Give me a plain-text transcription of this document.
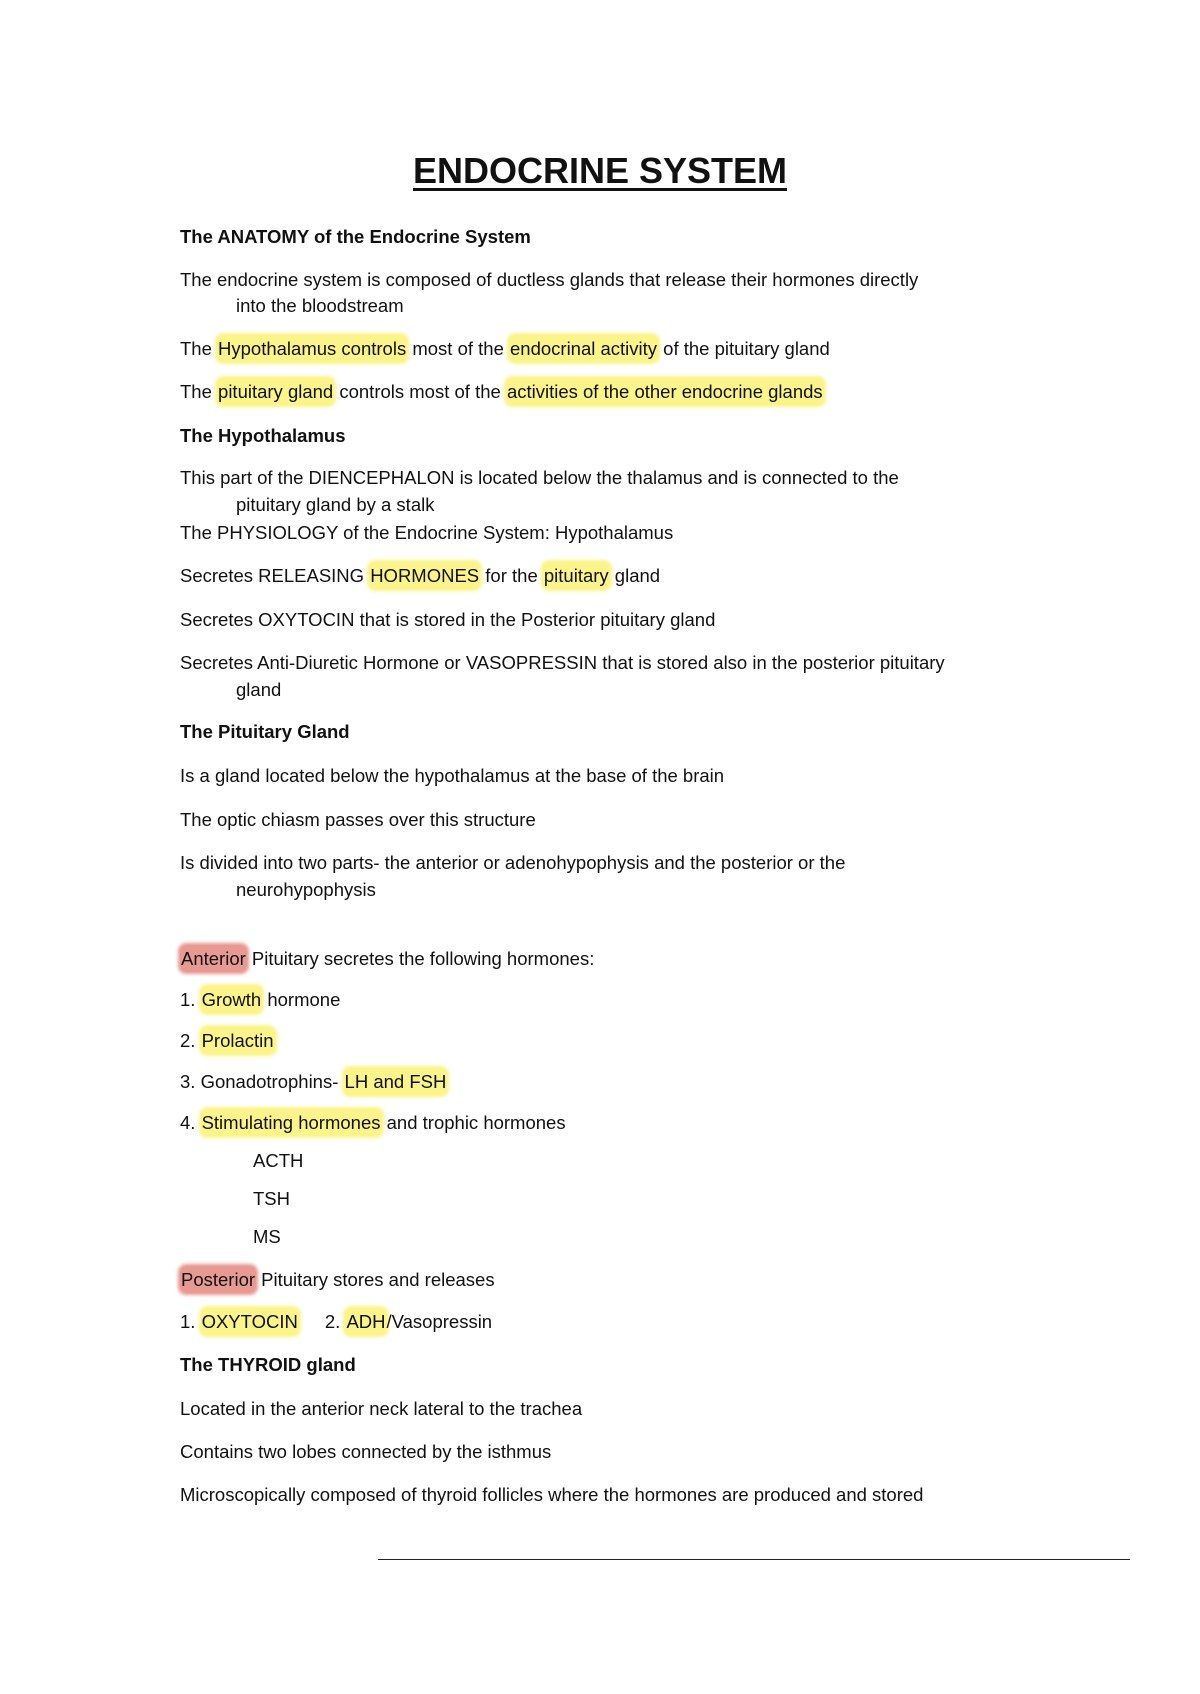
ENDOCRINE SYSTEM
The ANATOMY of the Endocrine System
The endocrine system is composed of ductless glands that release their hormones directly
into the bloodstream
The Hypothalamus controls most of the endocrinal activity of the pituitary gland
The pituitary gland controls most of the activities of the other endocrine glands
The Hypothalamus
This part of the DIENCEPHALON is located below the thalamus and is connected to the
pituitary gland by a stalk
The PHYSIOLOGY of the Endocrine System: Hypothalamus
Secretes RELEASING HORMONES for the pituitary gland
Secretes OXYTOCIN that is stored in the Posterior pituitary gland
Secretes Anti-Diuretic Hormone or VASOPRESSIN that is stored also in the posterior pituitary
gland
The Pituitary Gland
Is a gland located below the hypothalamus at the base of the brain
The optic chiasm passes over this structure
Is divided into two parts- the anterior or adenohypophysis and the posterior or the
neurohypophysis
Anterior Pituitary secretes the following hormones:
1. Growth hormone
2. Prolactin
3. Gonadotrophins- LH and FSH
4. Stimulating hormones and trophic hormones
ACTH
TSH
MS
Posterior Pituitary stores and releases
1. OXYTOCIN 2. ADH/Vasopressin
The THYROID gland
Located in the anterior neck lateral to the trachea
Contains two lobes connected by the isthmus
Microscopically composed of thyroid follicles where the hormones are produced and stored
